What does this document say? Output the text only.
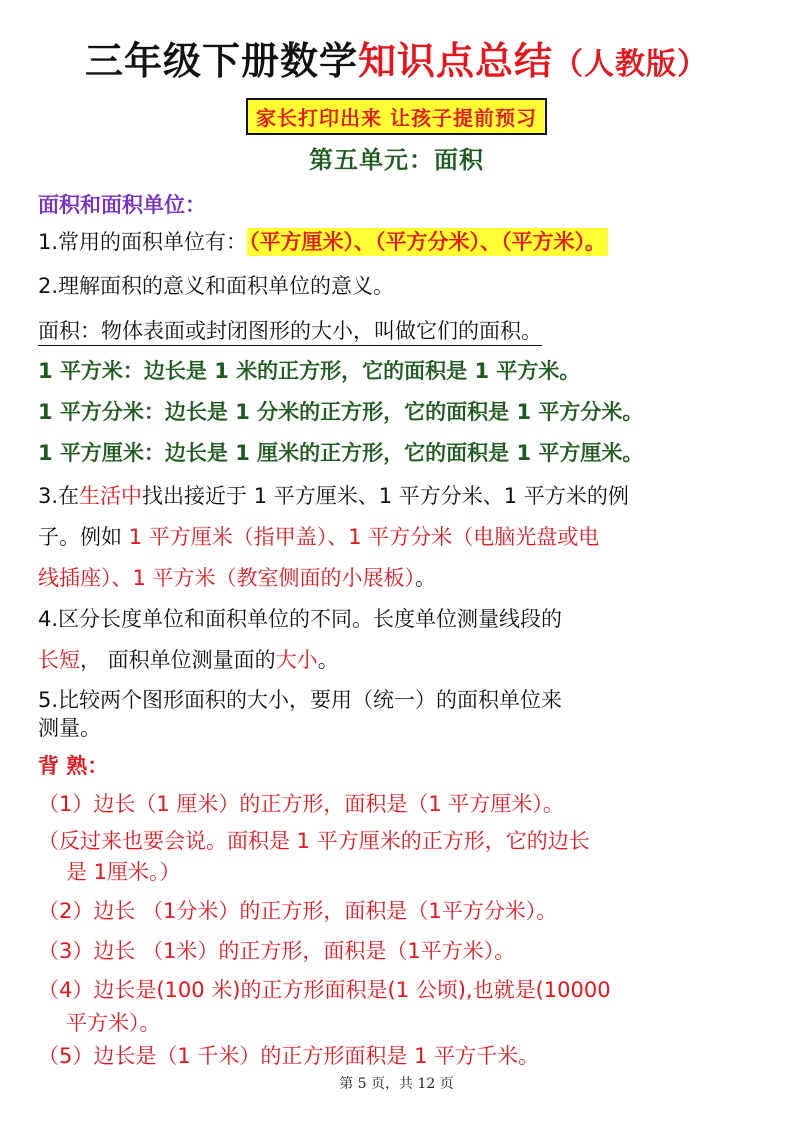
三年级下册数学知识点总结（人教版）
家长打印出来 让孩子提前预习
第五单元：面积
面积和面积单位：
1.常用的面积单位有：（平方厘米）、（平方分米）、（平方米）。
2.理解面积的意义和面积单位的意义。
面积：物体表面或封闭图形的大小，叫做它们的面积。
1 平方米：边长是 1 米的正方形，它的面积是 1 平方米。
1 平方分米：边长是 1 分米的正方形，它的面积是 1 平方分米。
1 平方厘米：边长是 1 厘米的正方形，它的面积是 1 平方厘米。
3.在生活中找出接近于 1 平方厘米、1 平方分米、1 平方米的例
子。例如 1 平方厘米（指甲盖）、1 平方分米（电脑光盘或电
线插座）、1 平方米（教室侧面的小展板）。
4.区分长度单位和面积单位的不同。长度单位测量线段的
长短， 面积单位测量面的大小。
5.比较两个图形面积的大小，要用（统一）的面积单位来
测量。
背 熟：
（1）边长（1 厘米）的正方形，面积是（1 平方厘米）。
（反过来也要会说。面积是 1 平方厘米的正方形，它的边长
是 1厘米。）
（2）边长 （1分米）的正方形，面积是（1平方分米）。
（3）边长 （1米）的正方形，面积是（1平方米）。
（4）边长是(100 米)的正方形面积是(1 公顷),也就是(10000
平方米）。
（5）边长是（1 千米）的正方形面积是 1 平方千米。
第 5 页，共 12 页
